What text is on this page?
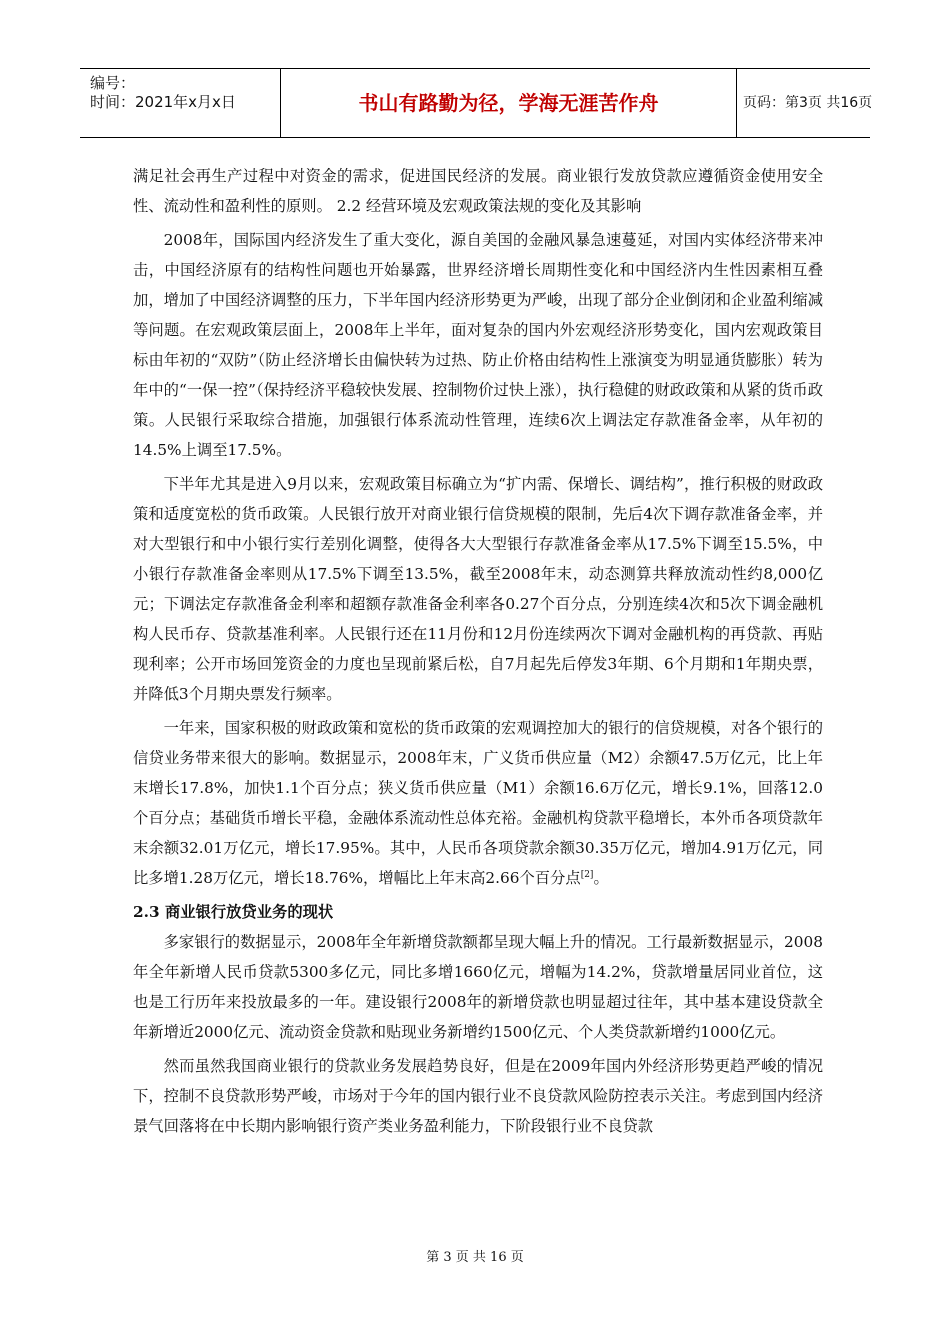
编号：
时间：2021年x月x日	书山有路勤为径，学海无涯苦作舟	页码：第3页 共16页

满足社会再生产过程中对资金的需求，促进国民经济的发展。商业银行发放贷款应遵循资金使用安全性、流动性和盈利性的原则。 2.2 经营环境及宏观政策法规的变化及其影响

2008年，国际国内经济发生了重大变化，源自美国的金融风暴急速蔓延，对国内实体经济带来冲击，中国经济原有的结构性问题也开始暴露，世界经济增长周期性变化和中国经济内生性因素相互叠加，增加了中国经济调整的压力，下半年国内经济形势更为严峻，出现了部分企业倒闭和企业盈利缩减等问题。在宏观政策层面上，2008年上半年，面对复杂的国内外宏观经济形势变化，国内宏观政策目标由年初的“双防”（防止经济增长由偏快转为过热、防止价格由结构性上涨演变为明显通货膨胀）转为年中的“一保一控”（保持经济平稳较快发展、控制物价过快上涨），执行稳健的财政政策和从紧的货币政策。人民银行采取综合措施，加强银行体系流动性管理，连续6次上调法定存款准备金率，从年初的14.5%上调至17.5%。

下半年尤其是进入9月以来，宏观政策目标确立为“扩内需、保增长、调结构”，推行积极的财政政策和适度宽松的货币政策。人民银行放开对商业银行信贷规模的限制，先后4次下调存款准备金率，并对大型银行和中小银行实行差别化调整，使得各大大型银行存款准备金率从17.5%下调至15.5%，中小银行存款准备金率则从17.5%下调至13.5%，截至2008年末，动态测算共释放流动性约8,000亿元；下调法定存款准备金利率和超额存款准备金利率各0.27个百分点，分别连续4次和5次下调金融机构人民币存、贷款基准利率。人民银行还在11月份和12月份连续两次下调对金融机构的再贷款、再贴现利率；公开市场回笼资金的力度也呈现前紧后松，自7月起先后停发3年期、6个月期和1年期央票，并降低3个月期央票发行频率。

一年来，国家积极的财政政策和宽松的货币政策的宏观调控加大的银行的信贷规模，对各个银行的信贷业务带来很大的影响。数据显示，2008年末，广义货币供应量（M2）余额47.5万亿元，比上年末增长17.8%，加快1.1个百分点；狭义货币供应量（M1）余额16.6万亿元，增长9.1%，回落12.0个百分点；基础货币增长平稳，金融体系流动性总体充裕。金融机构贷款平稳增长，本外币各项贷款年末余额32.01万亿元，增长17.95%。其中，人民币各项贷款余额30.35万亿元，增加4.91万亿元，同比多增1.28万亿元，增长18.76%，增幅比上年末高2.66个百分点[2]。

2.3 商业银行放贷业务的现状

多家银行的数据显示，2008年全年新增贷款额都呈现大幅上升的情况。工行最新数据显示，2008年全年新增人民币贷款5300多亿元，同比多增1660亿元，增幅为14.2%，贷款增量居同业首位，这也是工行历年来投放最多的一年。建设银行2008年的新增贷款也明显超过往年，其中基本建设贷款全年新增近2000亿元、流动资金贷款和贴现业务新增约1500亿元、个人类贷款新增约1000亿元。

然而虽然我国商业银行的贷款业务发展趋势良好，但是在2009年国内外经济形势更趋严峻的情况下，控制不良贷款形势严峻，市场对于今年的国内银行业不良贷款风险防控表示关注。考虑到国内经济景气回落将在中长期内影响银行资产类业务盈利能力，下阶段银行业不良贷款

第 3 页 共 16 页
